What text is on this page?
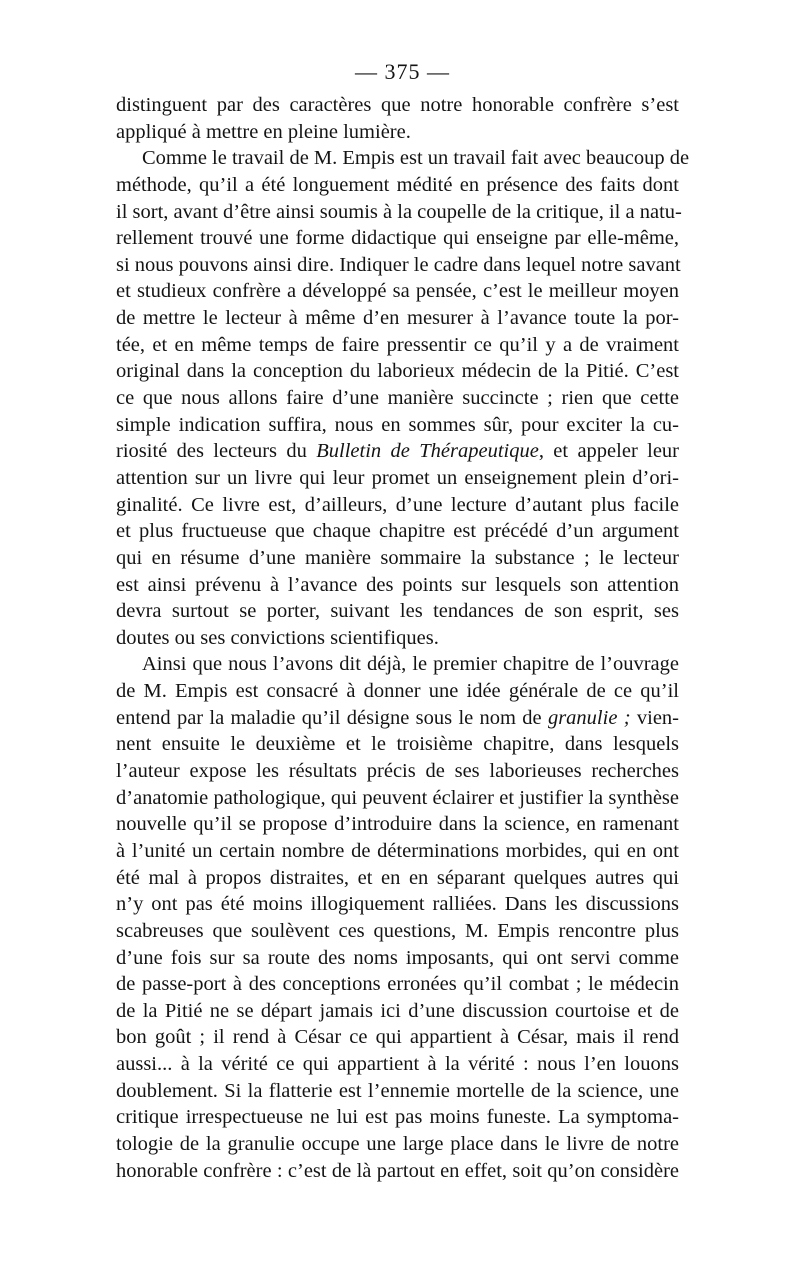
— 375 —
distinguent par des caractères que notre honorable confrère s’est
appliqué à mettre en pleine lumière.
Comme le travail de M. Empis est un travail fait avec beaucoup de
méthode, qu’il a été longuement médité en présence des faits dont
il sort, avant d’être ainsi soumis à la coupelle de la critique, il a natu-
rellement trouvé une forme didactique qui enseigne par elle-même,
si nous pouvons ainsi dire. Indiquer le cadre dans lequel notre savant
et studieux confrère a développé sa pensée, c’est le meilleur moyen
de mettre le lecteur à même d’en mesurer à l’avance toute la por-
tée, et en même temps de faire pressentir ce qu’il y a de vraiment
original dans la conception du laborieux médecin de la Pitié. C’est
ce que nous allons faire d’une manière succincte ; rien que cette
simple indication suffira, nous en sommes sûr, pour exciter la cu-
riosité des lecteurs du Bulletin de Thérapeutique, et appeler leur
attention sur un livre qui leur promet un enseignement plein d’ori-
ginalité. Ce livre est, d’ailleurs, d’une lecture d’autant plus facile
et plus fructueuse que chaque chapitre est précédé d’un argument
qui en résume d’une manière sommaire la substance ; le lecteur
est ainsi prévenu à l’avance des points sur lesquels son attention
devra surtout se porter, suivant les tendances de son esprit, ses
doutes ou ses convictions scientifiques.
Ainsi que nous l’avons dit déjà, le premier chapitre de l’ouvrage
de M. Empis est consacré à donner une idée générale de ce qu’il
entend par la maladie qu’il désigne sous le nom de granulie ; vien-
nent ensuite le deuxième et le troisième chapitre, dans lesquels
l’auteur expose les résultats précis de ses laborieuses recherches
d’anatomie pathologique, qui peuvent éclairer et justifier la synthèse
nouvelle qu’il se propose d’introduire dans la science, en ramenant
à l’unité un certain nombre de déterminations morbides, qui en ont
été mal à propos distraites, et en en séparant quelques autres qui
n’y ont pas été moins illogiquement ralliées. Dans les discussions
scabreuses que soulèvent ces questions, M. Empis rencontre plus
d’une fois sur sa route des noms imposants, qui ont servi comme
de passe-port à des conceptions erronées qu’il combat ; le médecin
de la Pitié ne se départ jamais ici d’une discussion courtoise et de
bon goût ; il rend à César ce qui appartient à César, mais il rend
aussi... à la vérité ce qui appartient à la vérité : nous l’en louons
doublement. Si la flatterie est l’ennemie mortelle de la science, une
critique irrespectueuse ne lui est pas moins funeste. La symptoma-
tologie de la granulie occupe une large place dans le livre de notre
honorable confrère : c’est de là partout en effet, soit qu’on considère
